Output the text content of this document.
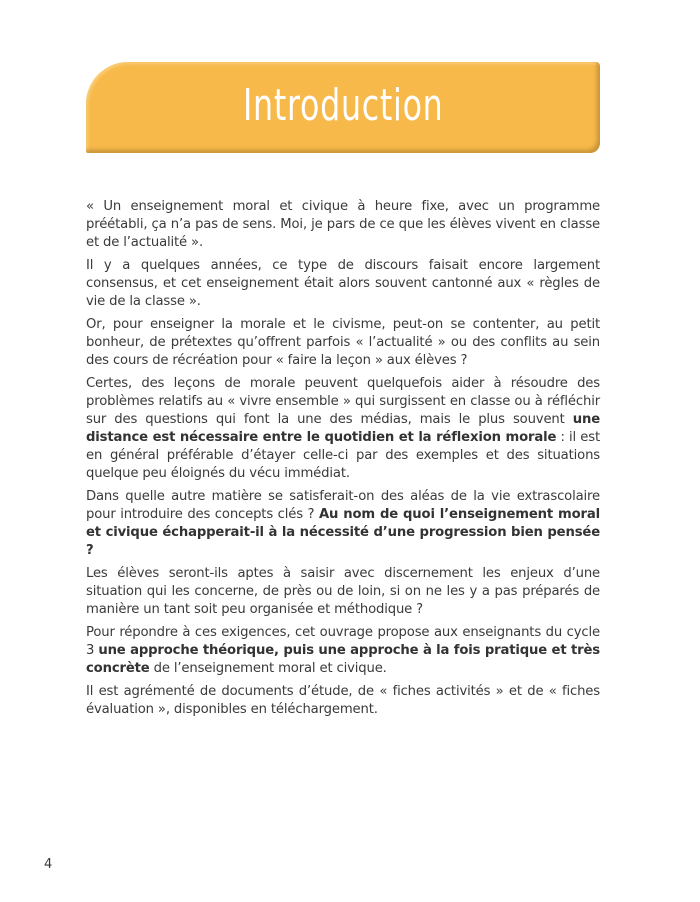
Introduction

« Un enseignement moral et civique à heure fixe, avec un programme préétabli, ça n’a pas de sens. Moi, je pars de ce que les élèves vivent en classe et de l’actualité ».

Il y a quelques années, ce type de discours faisait encore largement consensus, et cet enseignement était alors souvent cantonné aux « règles de vie de la classe ».

Or, pour enseigner la morale et le civisme, peut-on se contenter, au petit bonheur, de prétextes qu’offrent parfois « l’actualité » ou des conflits au sein des cours de récréation pour « faire la leçon » aux élèves ?

Certes, des leçons de morale peuvent quelquefois aider à résoudre des problèmes relatifs au « vivre ensemble » qui surgissent en classe ou à réfléchir sur des questions qui font la une des médias, mais le plus souvent une distance est nécessaire entre le quotidien et la réflexion morale : il est en général préférable d’étayer celle-ci par des exemples et des situations quelque peu éloignés du vécu immédiat.

Dans quelle autre matière se satisferait-on des aléas de la vie extrascolaire pour introduire des concepts clés ? Au nom de quoi l’enseignement moral et civique échapperait-il à la nécessité d’une progression bien pensée ?

Les élèves seront-ils aptes à saisir avec discernement les enjeux d’une situation qui les concerne, de près ou de loin, si on ne les y a pas préparés de manière un tant soit peu organisée et méthodique ?

Pour répondre à ces exigences, cet ouvrage propose aux enseignants du cycle 3 une approche théorique, puis une approche à la fois pratique et très concrète de l’enseignement moral et civique.

Il est agrémenté de documents d’étude, de « fiches activités » et de « fiches évaluation », disponibles en téléchargement.

4
